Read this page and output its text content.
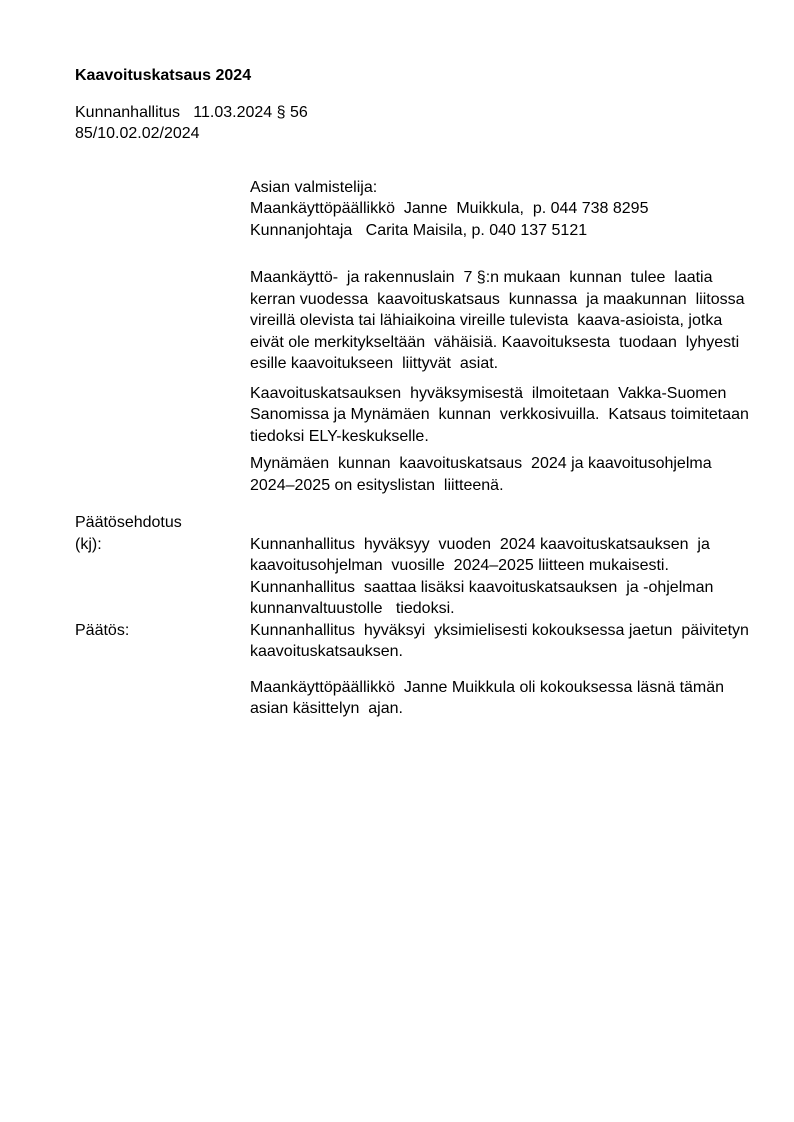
Kaavoituskatsaus 2024
Kunnanhallitus   11.03.2024 § 56
85/10.02.02/2024
Asian valmistelija:
Maankäyttöpäällikkö  Janne  Muikkula,  p. 044 738 8295
Kunnanjohtaja   Carita Maisila, p. 040 137 5121
Maankäyttö-  ja rakennuslain  7 §:n mukaan  kunnan  tulee  laatia
kerran vuodessa  kaavoituskatsaus  kunnassa  ja maakunnan  liitossa
vireillä olevista tai lähiaikoina vireille tulevista  kaava-asioista, jotka
eivät ole merkitykseltään  vähäisiä. Kaavoituksesta  tuodaan  lyhyesti
esille kaavoitukseen  liittyvät  asiat.
Kaavoituskatsauksen  hyväksymisestä  ilmoitetaan  Vakka-Suomen
Sanomissa ja Mynämäen  kunnan  verkkosivuilla.  Katsaus toimitetaan
tiedoksi ELY-keskukselle.
Mynämäen  kunnan  kaavoituskatsaus  2024 ja kaavoitusohjelma
2024–2025 on esityslistan  liitteenä.
Päätösehdotus
(kj):	Kunnanhallitus  hyväksyy  vuoden  2024 kaavoituskatsauksen  ja
kaavoitusohjelman  vuosille  2024–2025 liitteen mukaisesti.
Kunnanhallitus  saattaa lisäksi kaavoituskatsauksen  ja -ohjelman
kunnanvaltuustolle   tiedoksi.
Päätös:	Kunnanhallitus  hyväksyi  yksimielisesti kokouksessa jaetun  päivitetyn
kaavoituskatsauksen.
Maankäyttöpäällikkö  Janne Muikkula oli kokouksessa läsnä tämän
asian käsittelyn  ajan.
